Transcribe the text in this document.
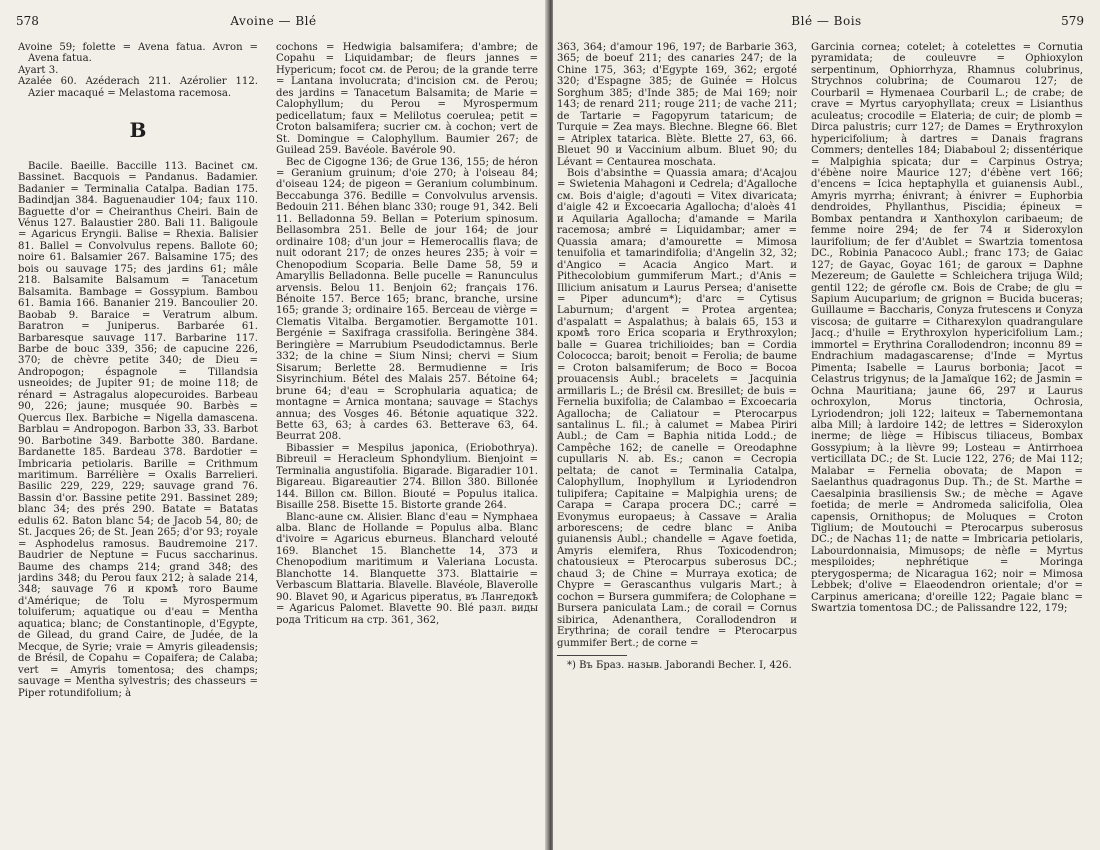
578	Avoine — Blé

Avoine 59; folette = Avena fatua. Avron = Avena fatua.

Ayart 3.

Azalée 60. Azéderach 211. Azérolier 112. Azier macaqué = Melastoma racemosa.

B

Bacile. Baeille. Baccille 113. Bacinet см. Bassinet. Bacquois = Pandanus. Badamier. Badanier = Terminalia Catalpa. Badian 175. Badindjan 384. Baguenaudier 104; faux 110. Baguette d'or = Cheiranthus Cheiri. Bain de Vénus 127. Balaustier 280. Bali 11. Baligoule = Agaricus Eryngii. Balise = Rhexia. Balisier 81. Ballel = Convolvulus repens. Ballote 60; noire 61. Balsamier 267. Balsamine 175; des bois ou sauvage 175; des jardins 61; mâle 218. Balsamite Balsamum = Tanacetum Balsamita. Bambage = Gossypium. Bambou 61. Bamia 166. Bananier 219. Bancoulier 20. Baobab 9. Baraice = Veratrum album. Baratron = Juniperus. Barbarée 61. Barbaresque sauvage 117. Barbarine 117. Barbe de bouc 339, 356; de capucine 226, 370; de chèvre petite 340; de Dieu = Andropogon; éspagnole = Tillandsia usneoides; de Jupiter 91; de moine 118; de rénard = Astragalus alopecuroides. Barbeau 90, 226; jaune; musquée 90. Barbès = Quercus Ilex. Barbiche = Nigella damascena. Barblau = Andropogon. Barbon 33, 33. Barbot 90. Barbotine 349. Barbotte 380. Bardane. Bardanette 185. Bardeau 378. Bardotier = Imbricaria petiolaris. Barille = Crithmum maritimum. Barrélière = Oxalis Barrelieri. Basilic 229, 229, 229; sauvage grand 76. Bassin d'or. Bassine petite 291. Bassinet 289; blanc 34; des prés 290. Batate = Batatas edulis 62. Baton blanc 54; de Jacob 54, 80; de St. Jacques 26; de St. Jean 265; d'or 93; royale = Asphodelus ramosus. Baudremoine 217. Baudrier de Neptune = Fucus saccharinus. Baume des champs 214; grand 348; des jardins 348; du Perou faux 212; à salade 214, 348; sauvage 76 и кромѣ того Baume d'Amérique; de Tolu = Myrospermum toluiferum; aquatique ou d'eau = Mentha aquatica; blanc; de Constantinople, d'Egypte, de Gilead, du grand Caire, de Judée, de la Mecque, de Syrie; vraie = Amyris gileadensis; de Brésil, de Copahu = Copaifera; de Calaba; vert = Amyris tomentosa; des champs; sauvage = Mentha sylvestris; des chasseurs = Piper rotundifolium; à

cochons = Hedwigia balsamifera; d'ambre; de Copahu = Liquidambar; de fleurs jannes = Hypericum; focot см. de Perou; de la grande terre = Lantana involucrata; d'incision см. de Perou; des jardins = Tanacetum Balsamita; de Marie = Calophyllum; du Perou = Myrospermum pedicellatum; faux = Melilotus coerulea; petit = Croton balsamifera; sucrier см. à cochon; vert de St. Domingue = Calophyllum. Baumier 267; de Guilead 259. Bavéole. Bavérole 90.

Bec de Cigogne 136; de Grue 136, 155; de héron = Geranium gruinum; d'oie 270; à l'oiseau 84; d'oiseau 124; de pigeon = Geranium columbinum. Beccabunga 376. Bedille = Convolvulus arvensis. Bedouin 211. Béhen blanc 330; rouge 91, 342. Beli 11. Belladonna 59. Bellan = Poterium spinosum. Bellasombra 251. Belle de jour 164; de jour ordinaire 108; d'un jour = Hemerocallis flava; de nuit odorant 217; de onzes heures 235; à voir = Chenopodium Scoparia. Belle Dame 58, 59 и Amaryllis Belladonna. Belle pucelle = Ranunculus arvensis. Belou 11. Benjoin 62; français 176. Bénoite 157. Berce 165; branc, branche, ursine 165; grande 3; ordinaire 165. Berceau de vièrge = Clematis Vitalba. Bergamotier. Bergamotte 101. Bergénie = Saxifraga crassifolia. Beringène 384. Beringière = Marrubium Pseudodictamnus. Berle 332; de la chine = Sium Ninsi; chervi = Sium Sisarum; Berlette 28. Bermudienne = Iris Sisyrinchium. Bétel des Malais 257. Bétoine 64; brune 64; d'eau = Scrophularia aquatica; de montagne = Arnica montana; sauvage = Stachys annua; des Vosges 46. Bétonie aquatique 322. Bette 63, 63; à cardes 63. Betterave 63, 64. Beurrat 208.

Bibassier = Mespilus japonica, (Eriobothrya). Bibreuil = Heracleum Sphondylium. Bienjoint = Terminalia angustifolia. Bigarade. Bigaradier 101. Bigareau. Bigareautier 274. Billon 380. Billonée 144. Billon см. Billon. Biouté = Populus italica. Bisaille 258. Bisette 15. Bistorte grande 264.

Blanc-аune см. Alisier. Blanc d'eau = Nymphaea alba. Blanc de Hollande = Populus alba. Blanc d'ivoire = Agaricus eburneus. Blanchard velouté 169. Blanchet 15. Blanchette 14, 373 и Chenopodium maritimum и Valeriana Locusta. Blanchotte 14. Blanquette 373. Blattairie = Verbascum Blattaria. Blavelle. Blavéole, Blaverolle 90. Blavet 90, и Agaricus piperatus, въ Лангедокѣ = Agaricus Palomet. Blavette 90. Blé разл. виды рода Triticum на стр. 361, 362,

Blé — Bois	579

363, 364; d'amour 196, 197; de Barbarie 363, 365; de boeuf 211; des canaries 247; de la Chine 175, 363; d'Egypte 169, 362; ergoté 320; d'Espagne 385; de Guinée = Holcus Sorghum 385; d'Inde 385; de Mai 169; noir 143; de renard 211; rouge 211; de vache 211; de Tartarie = Fagopyrum tataricum; de Turquie = Zea mays. Blechne. Blegne 66. Blet = Atriplex tatarica. Blète. Blette 27, 63, 66. Bleuet 90 и Vaccinium album. Bluet 90; du Lévant = Centaurea moschata.

Bois d'absinthe = Quassia amara; d'Acajou = Swietenia Mahagoni и Cedrela; d'Agalloche см. Bois d'aigle; d'agouti = Vitex divaricata; d'aigle 42 и Excoecaria Agallocha; d'aloès 41 и Aquilaria Agallocha; d'amande = Marila racemosa; ambré = Liquidambar; amer = Quassia amara; d'amourette = Mimosa tenuifolia et tamarindifolia; d'Angelin 32, 32; d'Angico = Acacia Angico Mart. и Pithecolobium gummiferum Mart.; d'Anis = Illicium anisatum и Laurus Persea; d'anisette = Piper aduncum*); d'arc = Cytisus Laburnum; d'argent = Protea argentea; d'aspalatt = Aspalathus; à balais 65, 153 и кромѣ того Erica scoparia и Erythroxylon; balle = Guarea trichilioides; ban = Cordia Colococca; baroit; benoit = Ferolia; de baume = Croton balsamiferum; de Boco = Bocoa prouacensis Aubl.; bracelets = Jacquinia armillaris L.; de Brésil см. Bresillet; de buis = Fernelia buxifolia; de Calambao = Excoecaria Agallocha; de Caliatour = Pterocarpus santalinus L. fil.; à calumet = Mabea Piriri Aubl.; de Cam = Baphia nitida Lodd.; de Campêche 162; de canelle = Oreodaphne cupullaris N. ab. Es.; canon = Cecropia peltata; de canot = Terminalia Catalpa, Calophyllum, Inophyllum и Lyriodendron tulipifera; Capitaine = Malpighia urens; de Carapa = Carapa procera DC.; carré = Evonymus europaeus; à Cassave = Aralia arborescens; de cedre blanc = Aniba guianensis Aubl.; chandelle = Agave foetida, Amyris elemifera, Rhus Toxicodendron; chatousieux = Pterocarpus suberosus DC.; chaud 3; de Chine = Murraya exotica; de Chypre = Gerascanthus vulgaris Mart.; à cochon = Bursera gummifera; de Colophane = Bursera paniculata Lam.; de corail = Cornus sibirica, Adenanthera, Corallodendron и Erythrina; de corail tendre = Pterocarpus gummifer Bert.; de corne =

*) Въ Браз. назыв. Jaborandi Becher. I, 426.

Garcinia cornea; cotelet; à cotelettes = Cornutia pyramidata; de couleuvre = Ophioxylon serpentinum, Ophiorrhyza, Rhamnus colubrinus, Strychnos colubrina; de Coumarou 127; de Courbaril = Hymenaea Courbaril L.; de crabe; de crave = Myrtus caryophyllata; creux = Lisianthus aculeatus; crocodile = Elateria; de cuir; de plomb = Dirca palustris; curr 127; de Dames = Erythroxylon hypericifolium; à dartres = Danais fragrans Commers; dentelles 184; Diababoul 2; dissentérique = Malpighia spicata; dur = Carpinus Ostrya; d'ébène noire Maurice 127; d'ébène vert 166; d'encens = Icica heptaphylla et guianensis Aubl., Amyris myrrha; énivrant; à énivrer = Euphorbia dendroides, Phyllanthus, Piscidia; épineux = Bombax pentandra и Xanthoxylon caribaeum; de femme noire 294; de fer 74 и Sideroxylon laurifolium; de fer d'Aublet = Swartzia tomentosa DC., Robinia Panacoco Aubl.; franc 173; de Gaiac 127; de Gayac, Goyac 161; de garoux = Daphne Mezereum; de Gaulette = Schleichera trijuga Wild; gentil 122; de gérofle см. Bois de Crabe; de glu = Sapium Aucuparium; de grignon = Bucida buceras; Guillaume = Baccharis, Conyza frutescens и Conyza viscosa; de guitarre = Citharexylon quadrangulare Jacq.; d'huile = Erythroxylon hypericifolium Lam.; immortel = Erythrina Corallodendron; inconnu 89 = Endrachium madagascarense; d'Inde = Myrtus Pimenta; Isabelle = Laurus borbonia; Jacot = Celastrus trigynus; de la Jamaïque 162; de Jasmin = Ochna Mauritiana; jaune 66, 297 и Laurus ochroxylon, Morus tinctoria, Ochrosia, Lyriodendron; joli 122; laiteux = Tabernemontana alba Mill; à lardoire 142; de lettres = Sideroxylon inerme; de liège = Hibiscus tiliaceus, Bombax Gossypium; à la lièvre 99; Losteau = Antirrhoea verticillata DC.; de St. Lucie 122, 276; de Mai 112; Malabar = Fernelia obovata; de Mapon = Saelanthus quadragonus Dup. Th.; de St. Marthe = Caesalpinia brasiliensis Sw.; de mèche = Agave foetida; de merle = Andromeda salicifolia, Olea capensis, Ornithopus; de Moluques = Croton Tiglium; de Moutouchi = Pterocarpus suberosus DC.; de Nachas 11; de natte = Imbricaria petiolaris, Labourdonnaisia, Mimusops; de nèfle = Myrtus mespiloides; nephrétique = Moringa pterygosperma; de Nicaragua 162; noir = Mimosa Lebbek; d'olive = Elaeodendron orientale; d'or = Carpinus americana; d'oreille 122; Pagaie blanc = Swartzia tomentosa DC.; de Palissandre 122, 179;
